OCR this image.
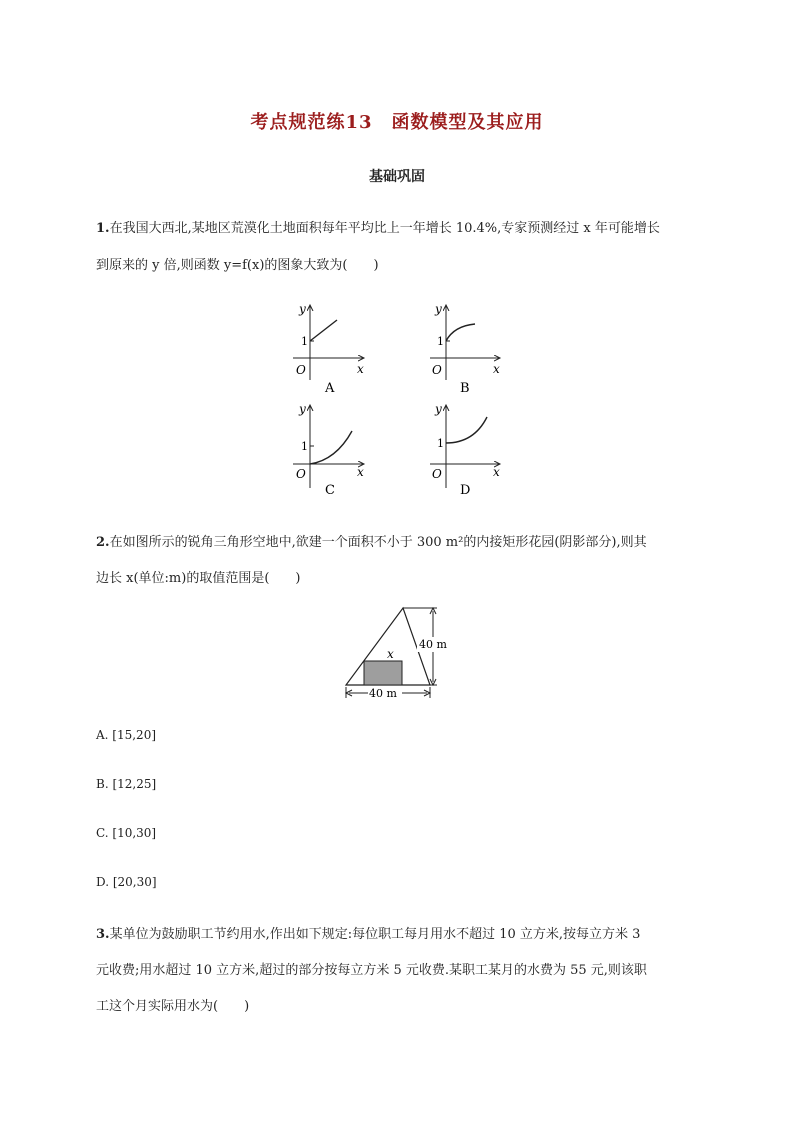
考点规范练13　函数模型及其应用
基础巩固
1.在我国大西北,某地区荒漠化土地面积每年平均比上一年增长 10.4%,专家预测经过 x 年可能增长
到原来的 y 倍,则函数 y=f(x)的图象大致为(　　)
y
x
O
1
A
y
x
O
1
B
y
x
O
1
C
y
x
O
1
D
40 m
40 m
x
2.在如图所示的锐角三角形空地中,欲建一个面积不小于 300 m²的内接矩形花园(阴影部分),则其
边长 x(单位:m)的取值范围是(　　)
A. [15,20]
B. [12,25]
C. [10,30]
D. [20,30]
3.某单位为鼓励职工节约用水,作出如下规定:每位职工每月用水不超过 10 立方米,按每立方米 3
元收费;用水超过 10 立方米,超过的部分按每立方米 5 元收费.某职工某月的水费为 55 元,则该职
工这个月实际用水为(　　)
